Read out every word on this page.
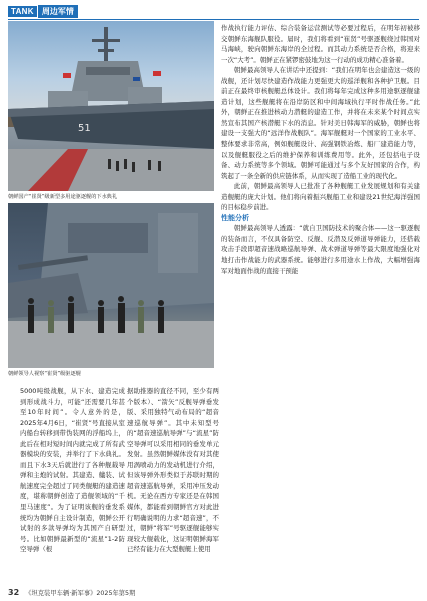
TANK	周边军情
51
朝鲜国产“崔贤”级新型多用途驱逐舰的下水典礼
朝鲜领导人视察“崔贤”级驱逐舰

5000吨级战舰，从下水、建造完成到形成战斗力，可能“还需要几年甚至10年时间”。令人意外的是，2025年4月6日，“崔贤”号直接从室内船台转移到带伪装网的浮船坞上，此后在相对短时间内就完成了所有武器模块的安装，并举行了下水典礼。而且下水3天后就进行了各种舰载导弹和主炮的试射。其建造、艤装、试航速度完全超过了同类舰艇的建造速度，堪称朝鲜创造了造舰领域的“千里马速度”。为了证明该舰的垂发系统均为朝鲜自主设计制造，朝鲜公开试射的多款导弹均为其国产自研型号。比如朝鲜最新型的“流星”1-2防空导弹（根

据助推器的直径不同，至少有两个版本）、“箭矢”反舰导弹垂发版、采用独特气动布局的“超音速巡航导弹”。其中未知型号的“超音速巡航导弹”与“流星”防空导弹可以采用相同的垂发单元发射。虽然朝鲜媒体没有对其使用涡喷动力的发动机进行介绍，但该导弹外形类似于苏联时期的超音速巡航导弹，采用冲压发动机。无论在西方专家还是在韩国媒体，都能看到朝鲜官方对此进行明确说明的力求“超音速”，不过，朝鲜“将军”号驱逐舰能够实现较大舰载化，这证明朝鲜海军已经有能力在大型舰艇上使用

作战执行能力评估、综合装备运营测试等必要过程后，在明年初被移交朝鲜东海舰队服役。届时，我们将看到“崔贤”号驱逐舰绕过韩国对马海峡，驶向朝鲜东海岸的全过程。而其动力系统是否合格，将迎来一次“大考”。朝鲜正在紧锣密鼓地为这一行动的成功精心准备着。

朝鲜最高领导人在讲话中还提到：“我们在明年也会建造这一级的战舰，还计划尽快建造作战能力更强更大的巡洋舰和各种护卫舰。目前正在最终审核舰艇总体设计。我们将每年完成这种多用途驱逐舰建造计划，这些舰艇将在沿岸防区和中间海域执行平时作战任务。”此外，朝鲜正在推进核动力潜艇的建造工作，并将在未来某个时间点实然宣布其国产核潜艇下水的消息。针对美日韩海军的威胁，朝鲜也将建设一支强大的“远洋作战舰队”。海军舰艇对一个国家的工业水平、整体要求非常高，例如舰艇设计、高强钢铁冶炼、船厂建造能力等，以及舰艇服役之后的维护保养和训练费用等。此外，还包括电子设备、动力系统等多个领域。朝鲜可能通过与多个友好国家的合作，构筑起了一条全新的供应链体系，从而实现了造船工业的现代化。

此前，朝鲜最高领导人已批准了各种舰艇工业发展规划和有关建造舰艇的庞大计划。他们将向着振兴舰船工业和建设21世纪海洋强国的目标稳步前进。

性能分析

朝鲜最高领导人透露：“就自卫国防技术的聚合体——这一驱逐舰的装备而言，不仅具备防空、反舰、反潜及反弹道导弹能力，还搭载攻击手段即超音速战略巡航导弹、战术弹道导弹等最大限度地强化对地打击作战能力的武器系统。能够进行多用途水上作战，大幅增强海军对地面作战的直接干预能

32 《坦克装甲车辆·新军事》2025年第5期
